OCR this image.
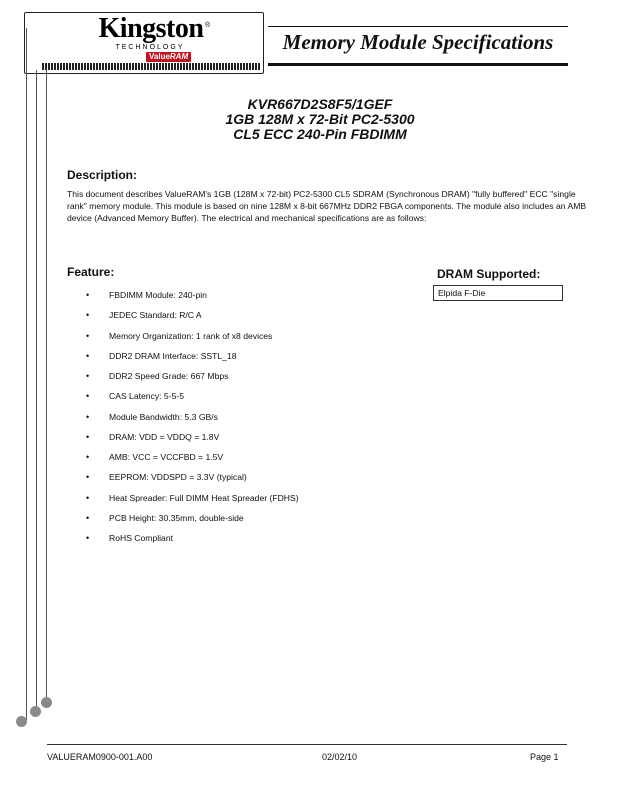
Kingston ®
TECHNOLOGY
ValueRAM
Memory Module Specifications
KVR667D2S8F5/1GEF
1GB 128M x 72-Bit PC2-5300
CL5 ECC 240-Pin FBDIMM
Description:
This document describes ValueRAM's 1GB (128M x 72-bit) PC2-5300 CL5 SDRAM (Synchronous DRAM) "fully buffered" ECC "single rank" memory module. This module is based on nine 128M x 8-bit 667MHz DDR2 FBGA components. The module also includes an AMB device (Advanced Memory Buffer). The electrical and mechanical specifications are as follows:
Feature:
• FBDIMM Module: 240-pin
• JEDEC Standard: R/C A
• Memory Organization: 1 rank of x8 devices
• DDR2 DRAM Interface: SSTL_18
• DDR2 Speed Grade: 667 Mbps
• CAS Latency: 5-5-5
• Module Bandwidth: 5.3 GB/s
• DRAM: VDD = VDDQ = 1.8V
• AMB: VCC = VCCFBD = 1.5V
• EEPROM: VDDSPD = 3.3V (typical)
• Heat Spreader: Full DIMM Heat Spreader (FDHS)
• PCB Height: 30.35mm, double-side
• RoHS Compliant
DRAM Supported:
Elpida F-Die
VALUERAM0900-001.A00	02/02/10	Page 1
